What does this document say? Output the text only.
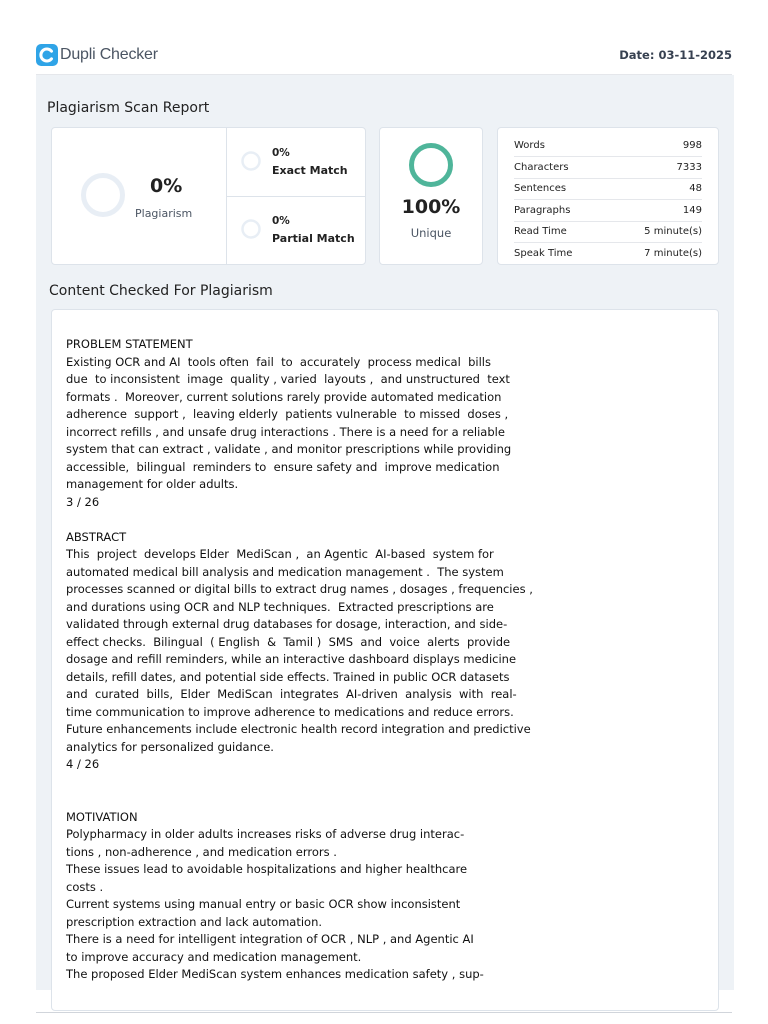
Dupli Checker	Date: 03-11-2025
Plagiarism Scan Report
0%
Plagiarism
0%
Exact Match
0%
Partial Match
100%
Unique
Words	998
Characters	7333
Sentences	48
Paragraphs	149
Read Time	5 minute(s)
Speak Time	7 minute(s)
Content Checked For Plagiarism
PROBLEM STATEMENT
Existing OCR and AI  tools often  fail  to  accurately  process medical  bills
due  to inconsistent  image  quality , varied  layouts ,  and unstructured  text
formats .  Moreover, current solutions rarely provide automated medication
adherence  support ,  leaving elderly  patients vulnerable  to missed  doses ,
incorrect refills , and unsafe drug interactions . There is a need for a reliable
system that can extract , validate , and monitor prescriptions while providing
accessible,  bilingual  reminders to  ensure safety and  improve medication
management for older adults.
3 / 26
ABSTRACT
This  project  develops Elder  MediScan ,  an Agentic  AI-based  system for
automated medical bill analysis and medication management .  The system
processes scanned or digital bills to extract drug names , dosages , frequencies ,
and durations using OCR and NLP techniques.  Extracted prescriptions are
validated through external drug databases for dosage, interaction, and side-
effect checks.  Bilingual  ( English  &  Tamil )  SMS  and  voice  alerts  provide
dosage and refill reminders, while an interactive dashboard displays medicine
details, refill dates, and potential side effects. Trained in public OCR datasets
and  curated  bills,  Elder  MediScan  integrates  AI-driven  analysis  with  real-
time communication to improve adherence to medications and reduce errors.
Future enhancements include electronic health record integration and predictive
analytics for personalized guidance.
4 / 26
MOTIVATION
Polypharmacy in older adults increases risks of adverse drug interac-
tions , non-adherence , and medication errors .
These issues lead to avoidable hospitalizations and higher healthcare
costs .
Current systems using manual entry or basic OCR show inconsistent
prescription extraction and lack automation.
There is a need for intelligent integration of OCR , NLP , and Agentic AI
to improve accuracy and medication management.
The proposed Elder MediScan system enhances medication safety , sup-
